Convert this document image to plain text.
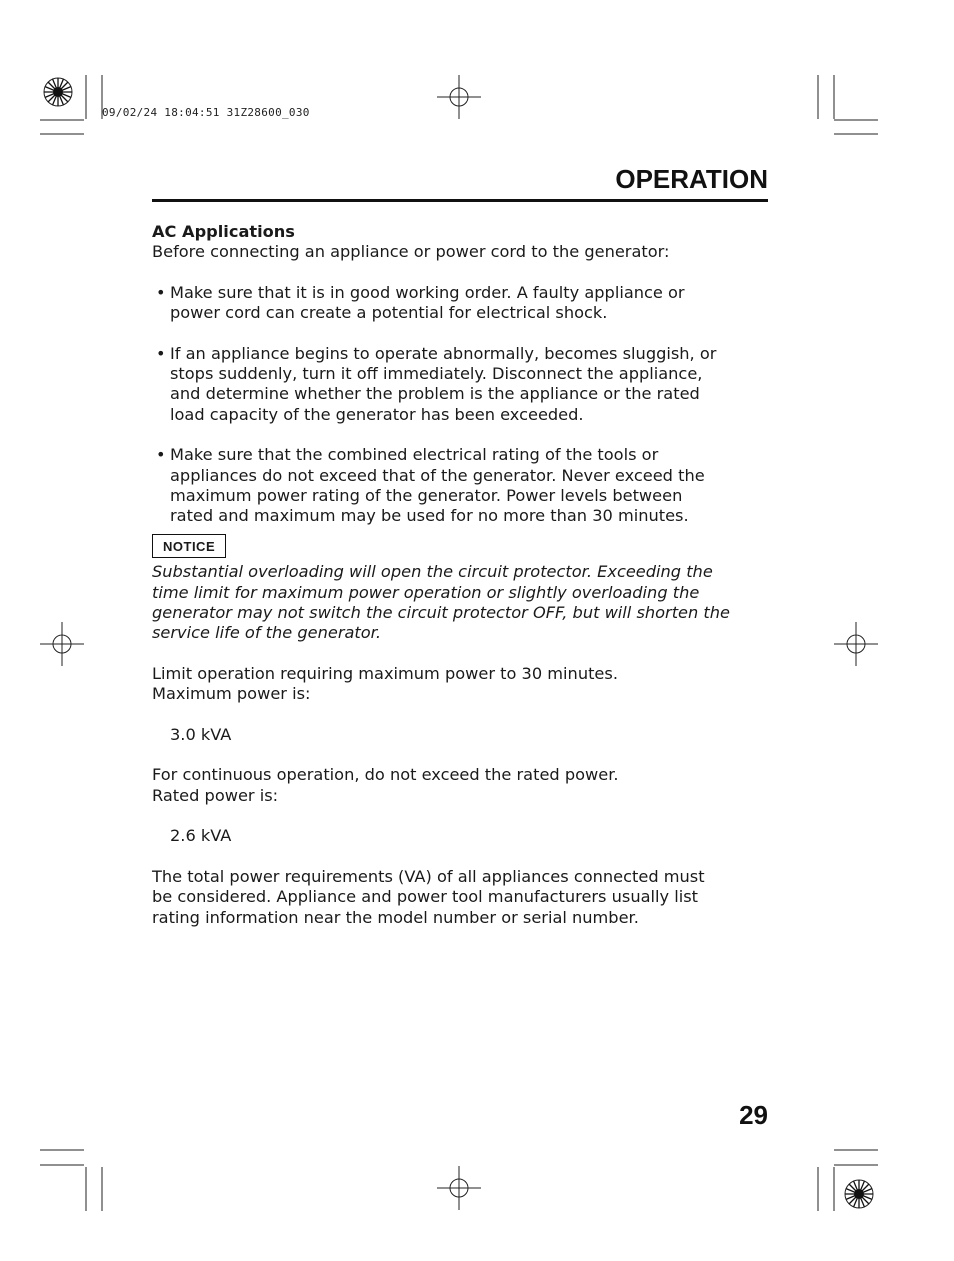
09/02/24 18:04:51 31Z28600_030
OPERATION

AC Applications

Before connecting an appliance or power cord to the generator:

• Make sure that it is in good working order. A faulty appliance or

power cord can create a potential for electrical shock.

• If an appliance begins to operate abnormally, becomes sluggish, or

stops suddenly, turn it off immediately. Disconnect the appliance,

and determine whether the problem is the appliance or the rated

load capacity of the generator has been exceeded.

• Make sure that the combined electrical rating of the tools or

appliances do not exceed that of the generator. Never exceed the

maximum power rating of the generator. Power levels between

rated and maximum may be used for no more than 30 minutes.

NOTICE

Substantial overloading will open the circuit protector. Exceeding the

time limit for maximum power operation or slightly overloading the

generator may not switch the circuit protector OFF, but will shorten the

service life of the generator.

Limit operation requiring maximum power to 30 minutes.

Maximum power is:

3.0 kVA

For continuous operation, do not exceed the rated power.

Rated power is:

2.6 kVA

The total power requirements (VA) of all appliances connected must

be considered. Appliance and power tool manufacturers usually list

rating information near the model number or serial number.

29
